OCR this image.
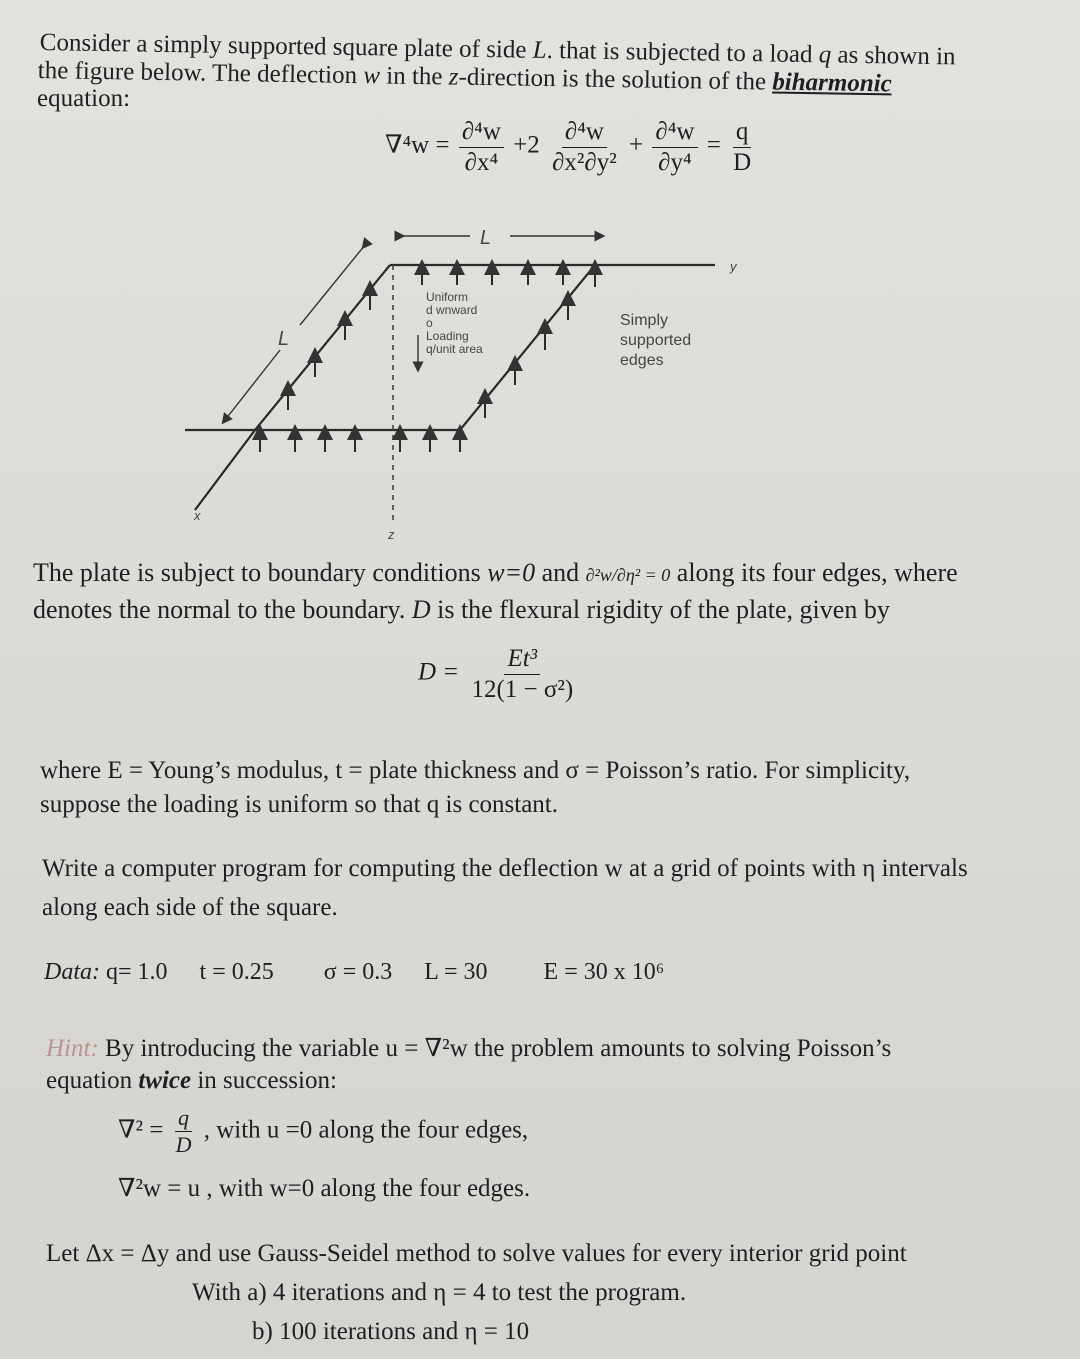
Consider a simply supported square plate of side L. that is subjected to a load q as shown in
the figure below. The deflection w in the z-direction is the solution of the biharmonic
equation:
$\nabla^4w = \frac{\text{∂⁴w}}{\text{∂x⁴}} +2 \frac{\text{∂⁴w}}{\text{∂x²∂y²}} + \frac{\text{∂⁴w}}{\text{∂y⁴}} = \frac{q}{D}$
L
L
y
x
z
Uniform
d wnward
o
Loading
q/unit area
Simply
supported
edges
The plate is subject to boundary conditions w=0 and ∂²w/∂η² = 0 along its four edges, where
denotes the normal to the boundary. D is the flexural rigidity of the plate, given by
$D = \frac{\text{Et³}}{\text{12(1 − σ²)}}$
where E = Young’s modulus, t = plate thickness and σ = Poisson’s ratio. For simplicity,
suppose the loading is uniform so that q is constant.
Write a computer program for computing the deflection w at a grid of points with η intervals
along each side of the square.
Data: q= 1.0 t = 0.25 σ = 0.3 L = 30 E = 30 x 10⁶
Hint: By introducing the variable u = ∇²w the problem amounts to solving Poisson’s
equation twice in succession:
$\nabla^2 = \frac{q}{D}$ , with u =0 along the four edges,
∇²w = u , with w=0 along the four edges.
Let Δx = Δy and use Gauss-Seidel method to solve values for every interior grid point
With a) 4 iterations and η = 4 to test the program.
b) 100 iterations and η = 10
